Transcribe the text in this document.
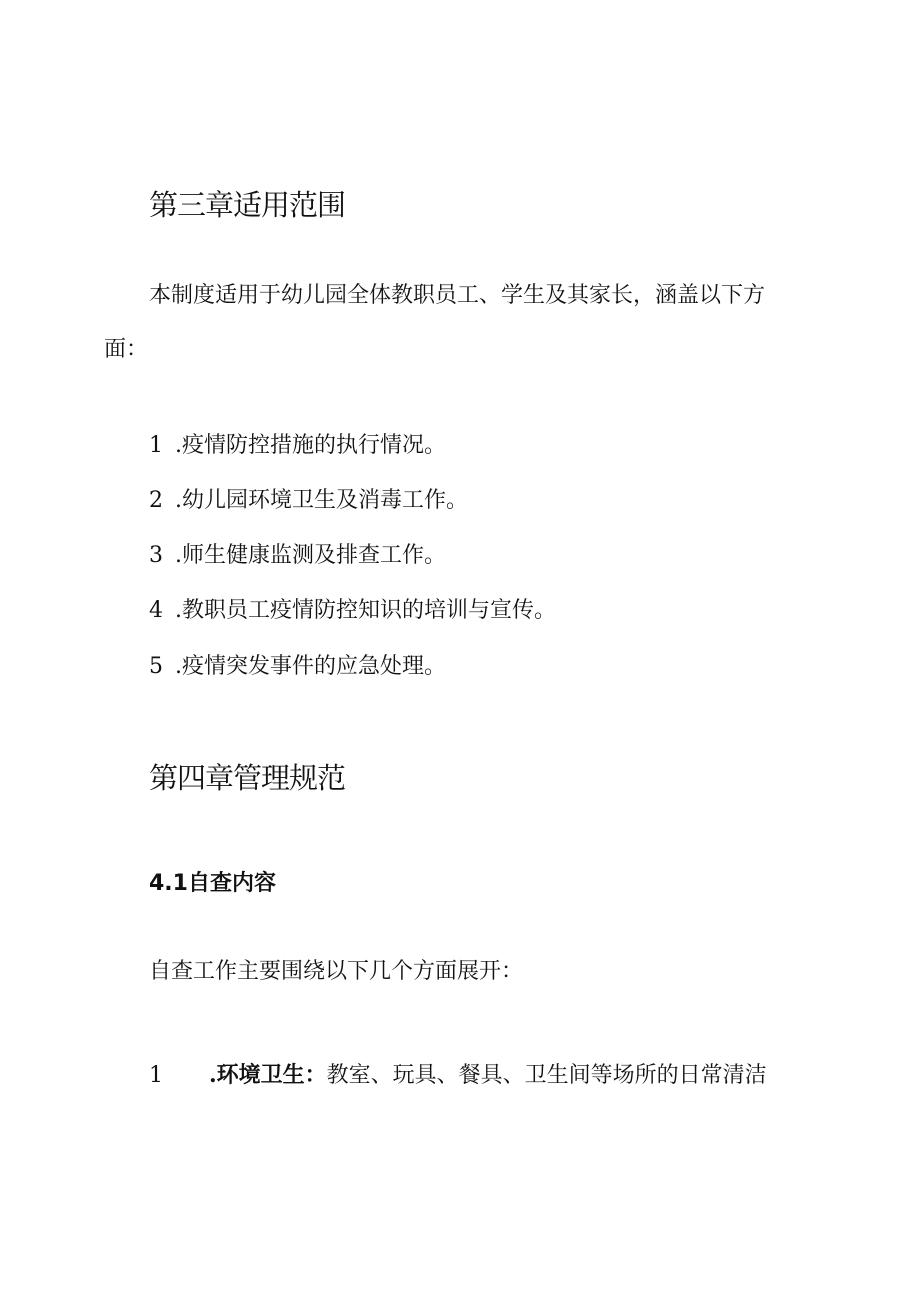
第三章适用范围
本制度适用于幼儿园全体教职员工、学生及其家长，涵盖以下方
面：
1 .疫情防控措施的执行情况。
2 .幼儿园环境卫生及消毒工作。
3 .师生健康监测及排查工作。
4 .教职员工疫情防控知识的培训与宣传。
5 .疫情突发事件的应急处理。
第四章管理规范
4.1自查内容
自查工作主要围绕以下几个方面展开：
1 .环境卫生：教室、玩具、餐具、卫生间等场所的日常清洁
